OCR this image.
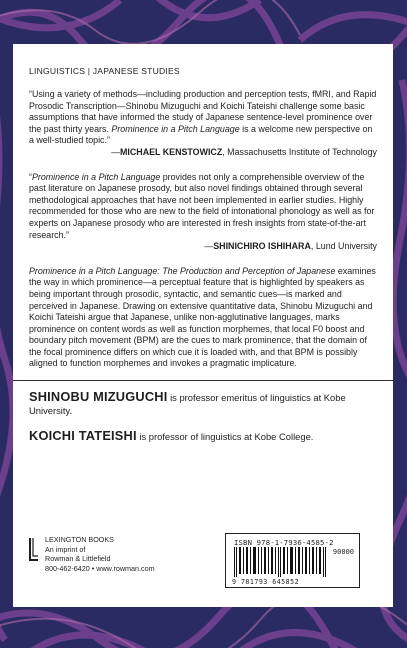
LINGUISTICS | JAPANESE STUDIES

“Using a variety of methods—including production and perception tests, fMRI, and Rapid Prosodic Transcription—Shinobu Mizuguchi and Koichi Tateishi challenge some basic assumptions that have informed the study of Japanese sentence-level prominence over the past thirty years. Prominence in a Pitch Language is a welcome new perspective on a well-studied topic.”

—MICHAEL KENSTOWICZ, Massachusetts Institute of Technology

“Prominence in a Pitch Language provides not only a comprehensible overview of the past literature on Japanese prosody, but also novel findings obtained through several methodological approaches that have not been implemented in earlier studies. Highly recommended for those who are new to the field of intonational phonology as well as for experts on Japanese prosody who are interested in fresh insights from state-of-the-art research.”

—SHINICHIRO ISHIHARA, Lund University

Prominence in a Pitch Language: The Production and Perception of Japanese examines the way in which prominence—a perceptual feature that is highlighted by speakers as being important through prosodic, syntactic, and semantic cues—is marked and perceived in Japanese. Drawing on extensive quantitative data, Shinobu Mizuguchi and Koichi Tateishi argue that Japanese, unlike non-agglutinative languages, marks prominence on content words as well as function morphemes, that local F0 boost and boundary pitch movement (BPM) are the cues to mark prominence, that the domain of the focal prominence differs on which cue it is loaded with, and that BPM is possibly aligned to function morphemes and invokes a pragmatic implicature.

SHINOBU MIZUGUCHI is professor emeritus of linguistics at Kobe University.

KOICHI TATEISHI is professor of linguistics at Kobe College.

LEXINGTON BOOKS
An imprint of
Rowman & Littlefield
800-462-6420 • www.rowman.com
ISBN 978-1-7936-4585-2
90000
9 781793 645852
